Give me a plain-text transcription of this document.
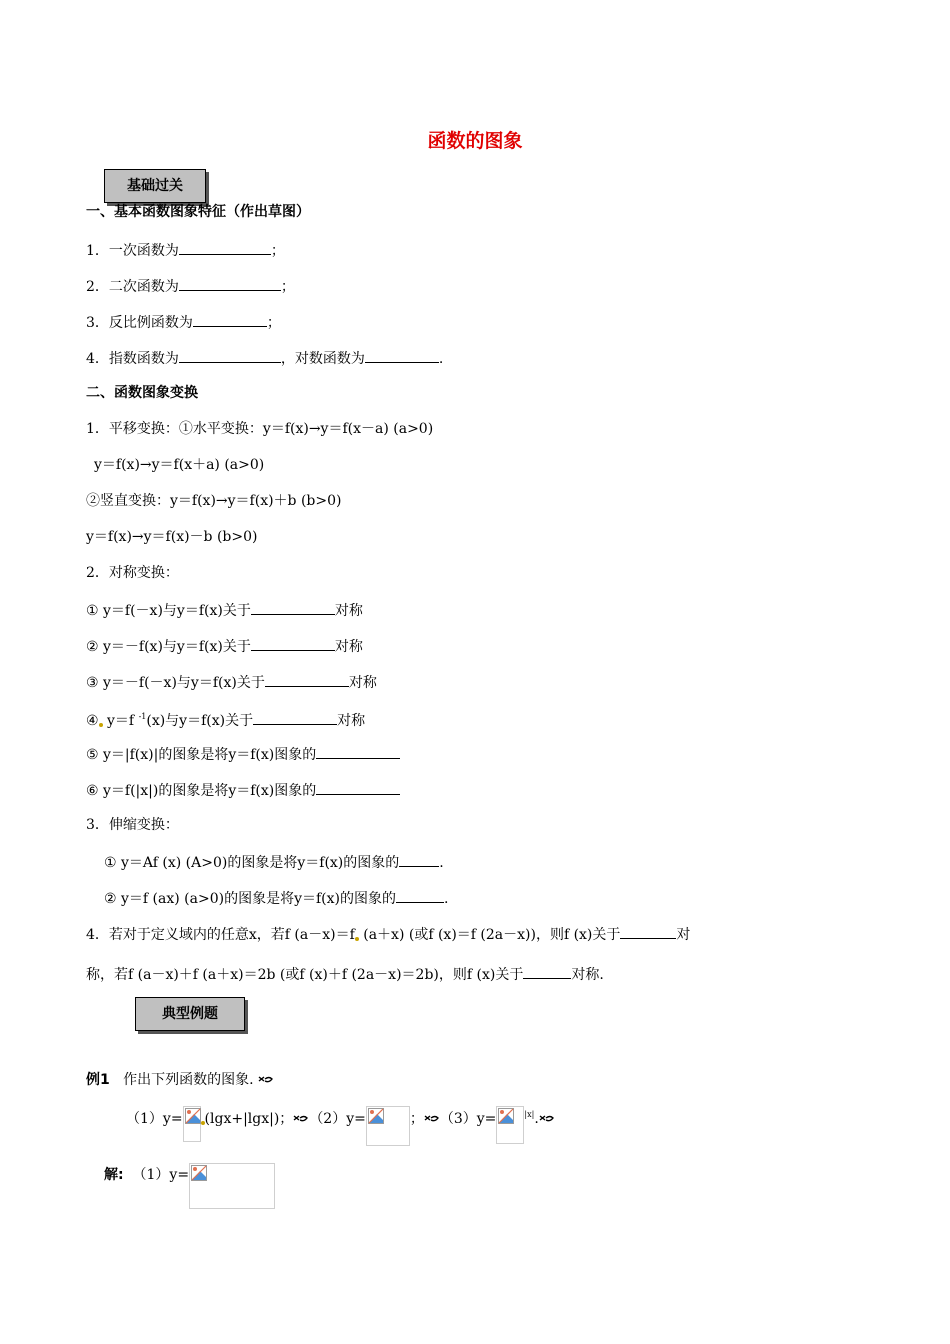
函数的图象
基础过关
一、基本函数图象特征（作出草图）
1．一次函数为	；
2．二次函数为	；
3．反比例函数为	；
4．指数函数为	，对数函数为	.
二、函数图象变换
1．平移变换：①水平变换：y＝f(x)→y＝f(x－a) (a>0)
y＝f(x)→y＝f(x＋a) (a>0)
②竖直变换：y＝f(x)→y＝f(x)＋b (b>0)
y＝f(x)→y＝f(x)－b (b>0)
2．对称变换：
① y＝f(－x)与y＝f(x)关于	对称
② y＝－f(x)与y＝f(x)关于	对称
③ y＝－f(－x)与y＝f(x)关于	对称
④ y＝f $^{-1}$(x)与y＝f(x)关于	对称
⑤ y＝|f(x)|的图象是将y＝f(x)图象的
⑥ y＝f(|x|)的图象是将y＝f(x)图象的
3．伸缩变换：
① y＝Af (x) (A>0)的图象是将y＝f(x)的图象的	.
② y＝f (ax) (a>0)的图象是将y＝f(x)的图象的	.
4．若对于定义域内的任意x，若f (a－x)＝f (a＋x) (或f (x)＝f (2a－x))，则f (x)关于	对
称，若f (a－x)＋f (a＋x)＝2b (或f (x)＋f (2a－x)＝2b)，则f (x)关于	对称.
典型例题
例1 作出下列函数的图象.
（1）y= (lgx+|lgx|)； （2）y=	； （3）y=	$^{|x|}$.
解: （1）y=
